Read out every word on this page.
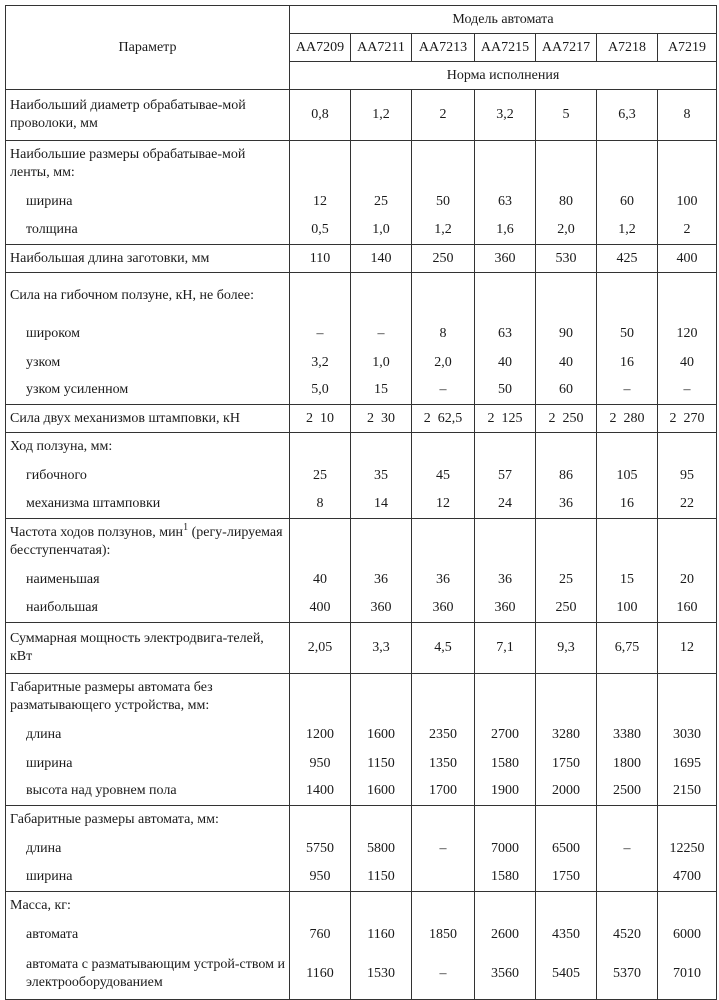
Параметр	Модель автомата						
	АА7209	АА7211	АА7213	АА7215	АА7217	А7218	А7219
	Норма исполнения						
Наибольший диаметр обрабатывае-мой проволоки, мм	0,8	1,2	2	3,2	5	6,3	8
Наибольшие размеры обрабатывае-мой ленты, мм:							
ширина	12	25	50	63	80	60	100
толщина	0,5	1,0	1,2	1,6	2,0	1,2	2
Наибольшая длина заготовки, мм	110	140	250	360	530	425	400
Сила на гибочном ползуне, кН, не более:							
широком	–	–	8	63	90	50	120
узком	3,2	1,0	2,0	40	40	16	40
узком усиленном	5,0	15	–	50	60	–	–
Сила двух механизмов штамповки, кН	2  10	2  30	2  62,5	2  125	2  250	2  280	2  270
Ход ползуна, мм:							
гибочного	25	35	45	57	86	105	95
механизма штамповки	8	14	12	24	36	16	22
Частота ходов ползунов, мин$^1$ (регу-лируемая бесступенчатая):							
наименьшая	40	36	36	36	25	15	20
наибольшая	400	360	360	360	250	100	160
Суммарная мощность электродвига-телей, кВт	2,05	3,3	4,5	7,1	9,3	6,75	12
Габаритные размеры автомата без разматывающего устройства, мм:							
длина	1200	1600	2350	2700	3280	3380	3030
ширина	950	1150	1350	1580	1750	1800	1695
высота над уровнем пола	1400	1600	1700	1900	2000	2500	2150
Габаритные размеры автомата, мм:							
длина	5750	5800	–	7000	6500	–	12250
ширина	950	1150		1580	1750		4700
Масса, кг:							
автомата	760	1160	1850	2600	4350	4520	6000
автомата с разматывающим устрой-ством и электрооборудованием	1160	1530	–	3560	5405	5370	7010
